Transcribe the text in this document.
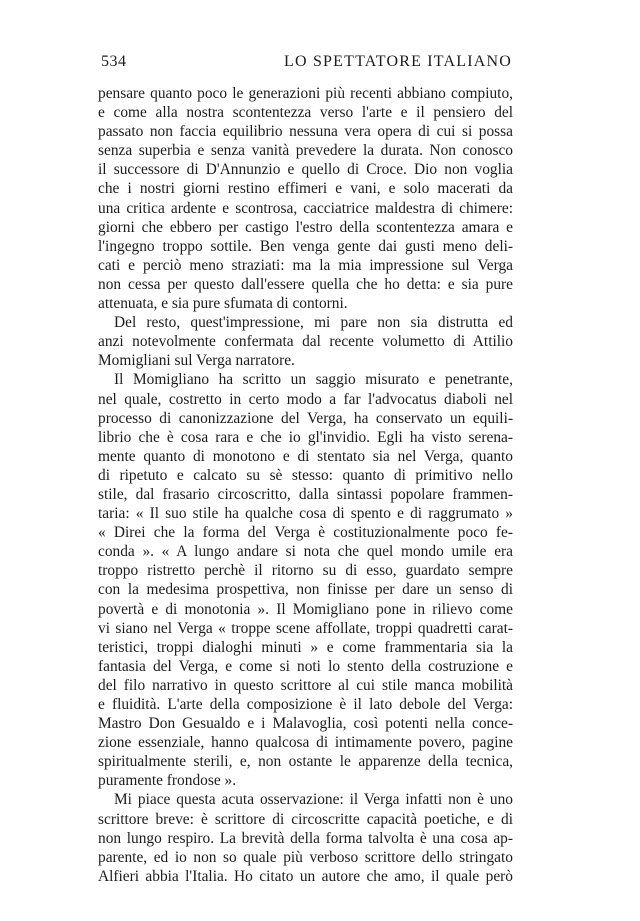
534	LO SPETTATORE ITALIANO
pensare quanto poco le generazioni più recenti abbiano compiuto,
e come alla nostra scontentezza verso l'arte e il pensiero del
passato non faccia equilibrio nessuna vera opera di cui si possa
senza superbia e senza vanità prevedere la durata. Non conosco
il successore di D'Annunzio e quello di Croce. Dio non voglia
che i nostri giorni restino effimeri e vani, e solo macerati da
una critica ardente e scontrosa, cacciatrice maldestra di chimere:
giorni che ebbero per castigo l'estro della scontentezza amara e
l'ingegno troppo sottile. Ben venga gente dai gusti meno deli-
cati e perciò meno straziati: ma la mia impressione sul Verga
non cessa per questo dall'essere quella che ho detta: e sia pure
attenuata, e sia pure sfumata di contorni.
Del resto, quest'impressione, mi pare non sia distrutta ed
anzi notevolmente confermata dal recente volumetto di Attilio
Momigliani sul Verga narratore.
Il Momigliano ha scritto un saggio misurato e penetrante,
nel quale, costretto in certo modo a far l'advocatus diaboli nel
processo di canonizzazione del Verga, ha conservato un equili-
librio che è cosa rara e che io gl'invidio. Egli ha visto serena-
mente quanto di monotono e di stentato sia nel Verga, quanto
di ripetuto e calcato su sè stesso: quanto di primitivo nello
stile, dal frasario circoscritto, dalla sintassi popolare frammen-
taria: « Il suo stile ha qualche cosa di spento e di raggrumato »
« Direi che la forma del Verga è costituzionalmente poco fe-
conda ». « A lungo andare si nota che quel mondo umile era
troppo ristretto perchè il ritorno su di esso, guardato sempre
con la medesima prospettiva, non finisse per dare un senso di
povertà e di monotonia ». Il Momigliano pone in rilievo come
vi siano nel Verga « troppe scene affollate, troppi quadretti carat-
teristici, troppi dialoghi minuti » e come frammentaria sia la
fantasia del Verga, e come si noti lo stento della costruzione e
del filo narrativo in questo scrittore al cui stile manca mobilità
e fluidità. L'arte della composizione è il lato debole del Verga:
Mastro Don Gesualdo e i Malavoglia, così potenti nella conce-
zione essenziale, hanno qualcosa di intimamente povero, pagine
spiritualmente sterili, e, non ostante le apparenze della tecnica,
puramente frondose ».
Mi piace questa acuta osservazione: il Verga infatti non è uno
scrittore breve: è scrittore di circoscritte capacità poetiche, e di
non lungo respiro. La brevità della forma talvolta è una cosa ap-
parente, ed io non so quale più verboso scrittore dello stringato
Alfieri abbia l'Italia. Ho citato un autore che amo, il quale però
